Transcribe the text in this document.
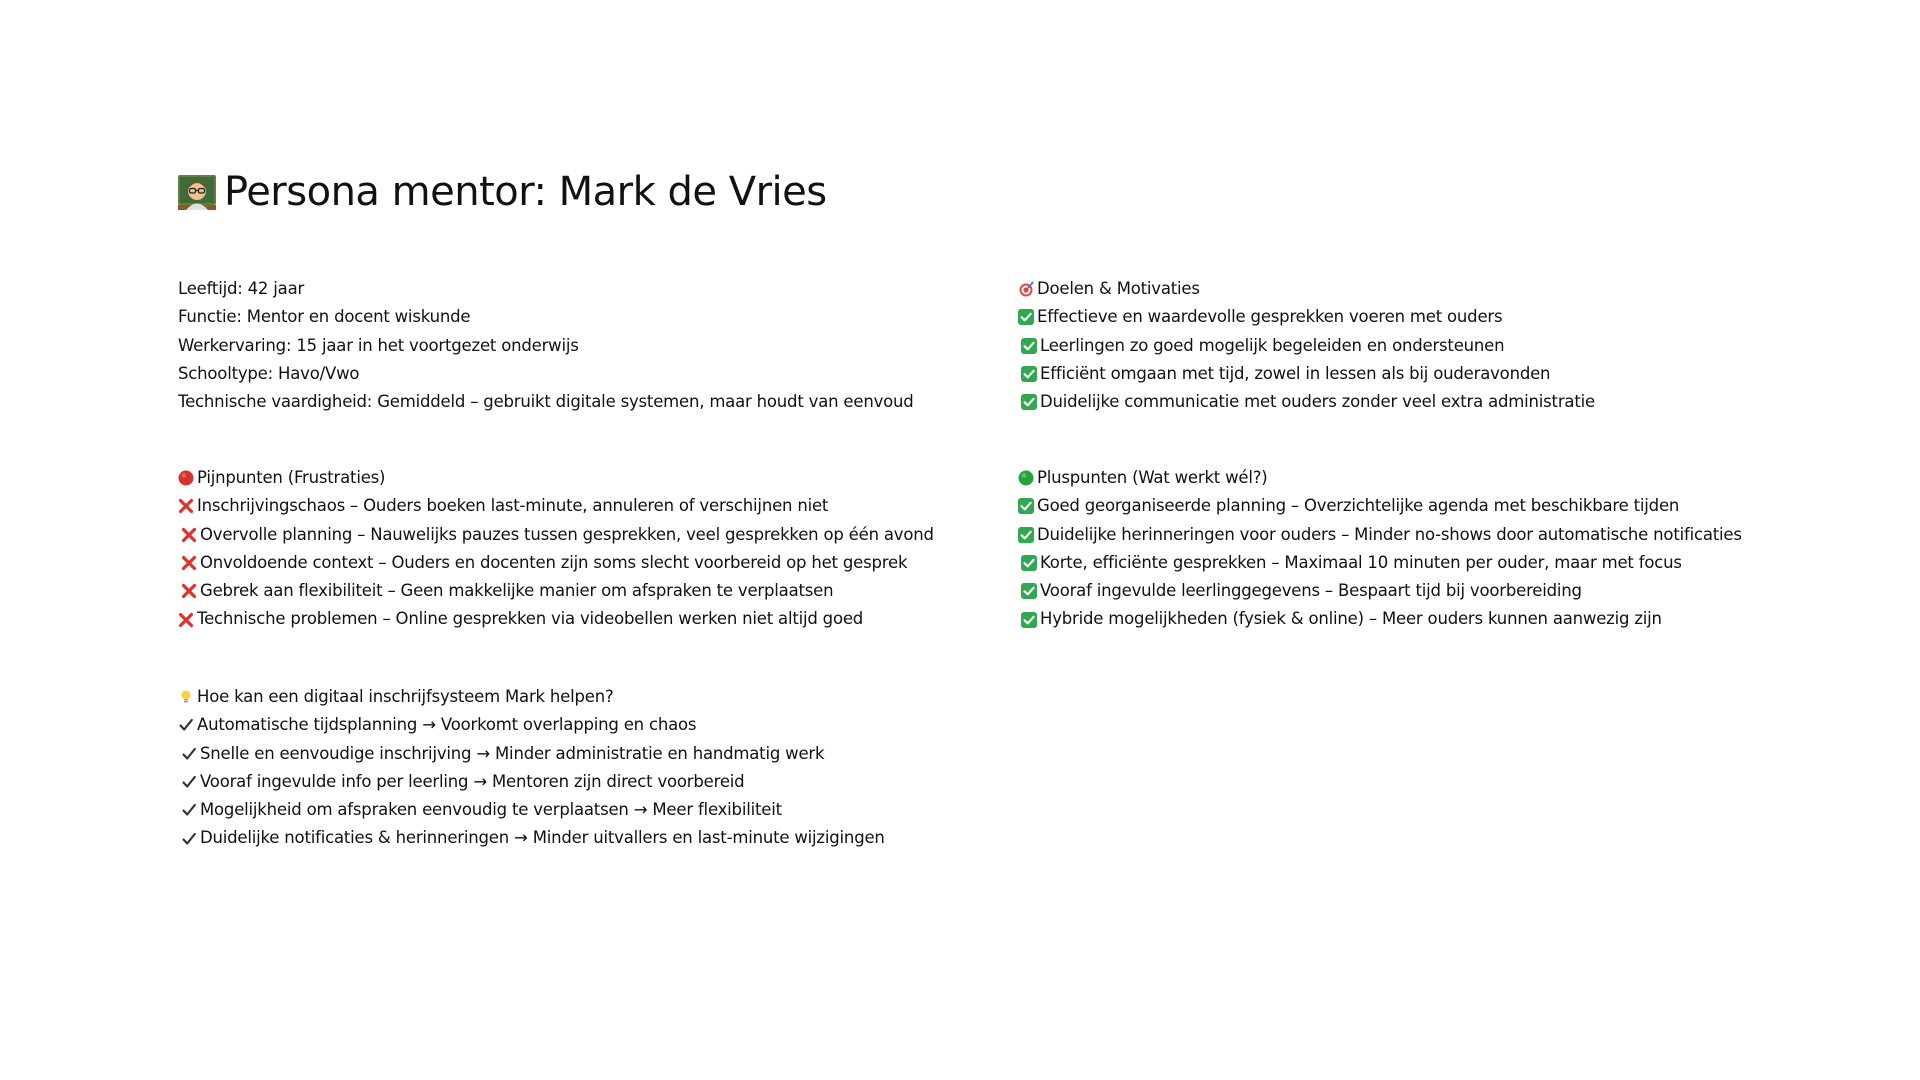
Persona mentor: Mark de Vries
Leeftijd: 42 jaar
Functie: Mentor en docent wiskunde
Werkervaring: 15 jaar in het voortgezet onderwijs
Schooltype: Havo/Vwo
Technische vaardigheid: Gemiddeld – gebruikt digitale systemen, maar houdt van eenvoud
Doelen & Motivaties
Effectieve en waardevolle gesprekken voeren met ouders
Leerlingen zo goed mogelijk begeleiden en ondersteunen
Efficiënt omgaan met tijd, zowel in lessen als bij ouderavonden
Duidelijke communicatie met ouders zonder veel extra administratie
Pijnpunten (Frustraties)
Inschrijvingschaos – Ouders boeken last-minute, annuleren of verschijnen niet
Overvolle planning – Nauwelijks pauzes tussen gesprekken, veel gesprekken op één avond
Onvoldoende context – Ouders en docenten zijn soms slecht voorbereid op het gesprek
Gebrek aan flexibiliteit – Geen makkelijke manier om afspraken te verplaatsen
Technische problemen – Online gesprekken via videobellen werken niet altijd goed
Pluspunten (Wat werkt wél?)
Goed georganiseerde planning – Overzichtelijke agenda met beschikbare tijden
Duidelijke herinneringen voor ouders – Minder no-shows door automatische notificaties
Korte, efficiënte gesprekken – Maximaal 10 minuten per ouder, maar met focus
Vooraf ingevulde leerlinggegevens – Bespaart tijd bij voorbereiding
Hybride mogelijkheden (fysiek & online) – Meer ouders kunnen aanwezig zijn
Hoe kan een digitaal inschrijfsysteem Mark helpen?
Automatische tijdsplanning → Voorkomt overlapping en chaos
Snelle en eenvoudige inschrijving → Minder administratie en handmatig werk
Vooraf ingevulde info per leerling → Mentoren zijn direct voorbereid
Mogelijkheid om afspraken eenvoudig te verplaatsen → Meer flexibiliteit
Duidelijke notificaties & herinneringen → Minder uitvallers en last-minute wijzigingen
